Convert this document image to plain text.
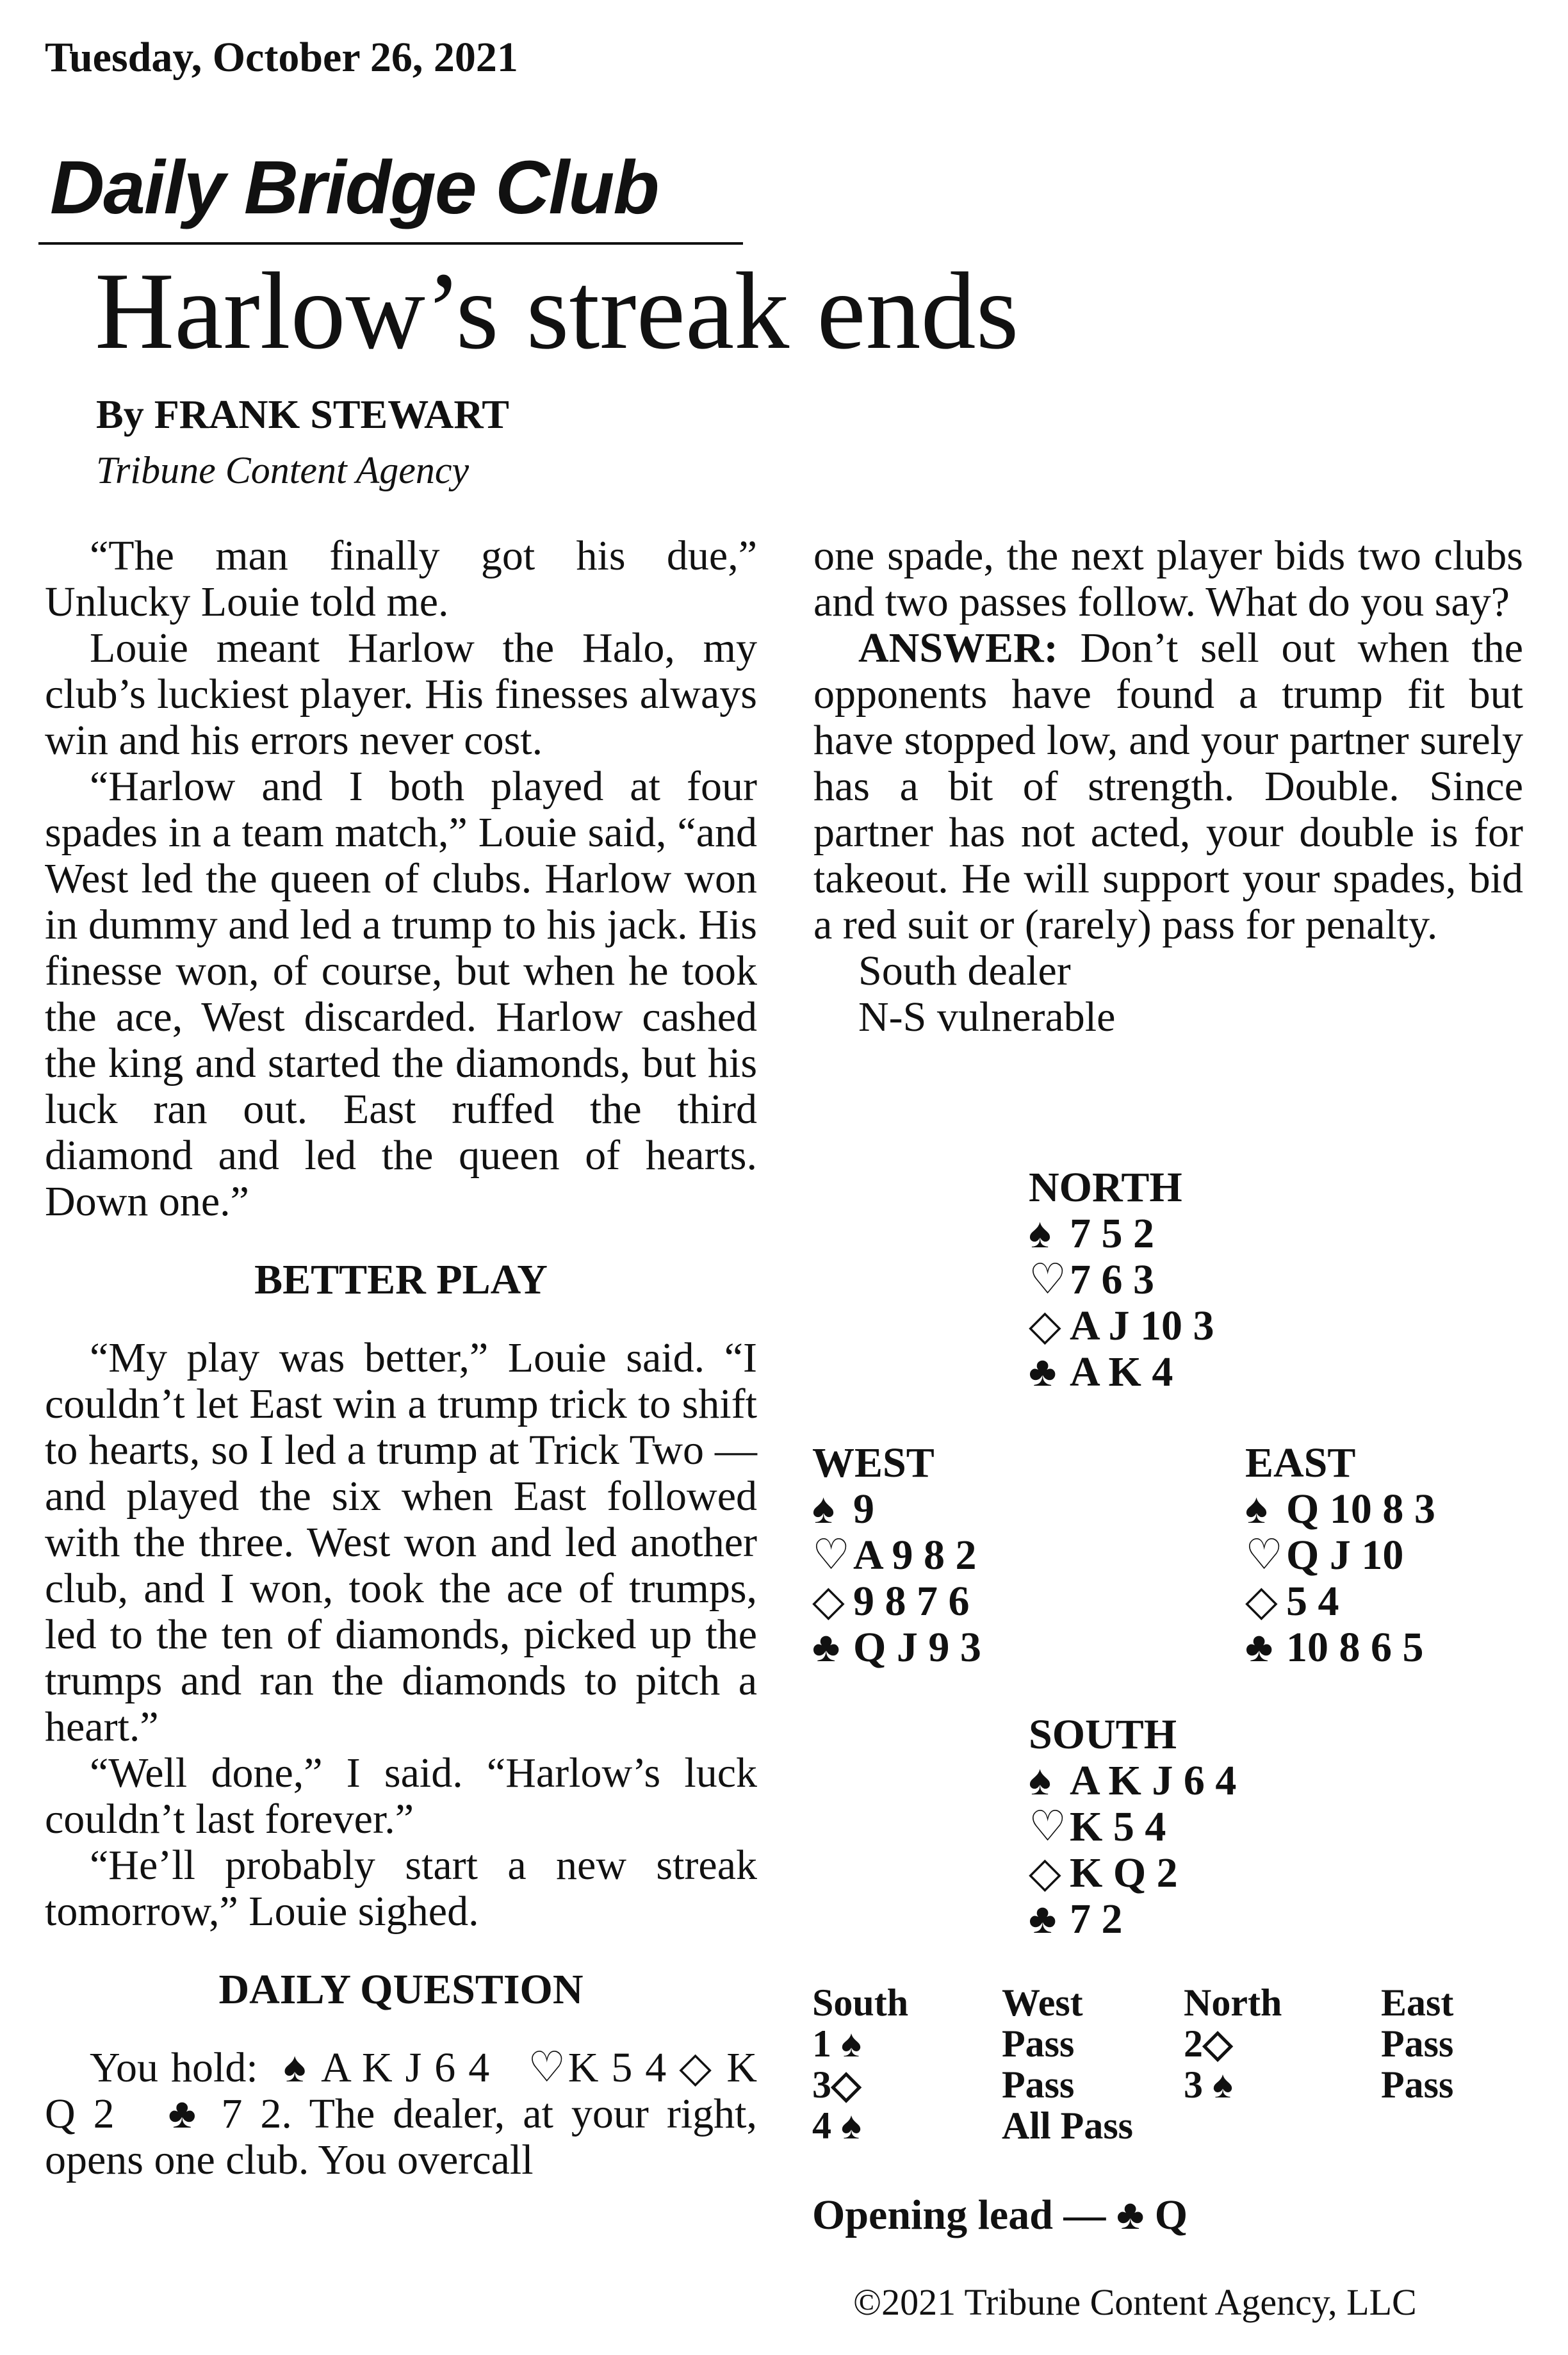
Tuesday, October 26, 2021
Daily Bridge Club
Harlow’s streak ends
By FRANK STEWART
Tribune Content Agency

“The man finally got his due,” Unlucky Louie told me.

Louie meant Harlow the Halo, my club’s luckiest player. His finesses always win and his errors never cost.

“Harlow and I both played at four spades in a team match,” Louie said, “and West led the queen of clubs. Harlow won in dummy and led a trump to his jack. His finesse won, of course, but when he took the ace, West discarded. Harlow cashed the king and started the diamonds, but his luck ran out. East ruffed the third diamond and led the queen of hearts. Down one.”

BETTER PLAY

“My play was better,” Louie said. “I couldn’t let East win a trump trick to shift to hearts, so I led a trump at Trick Two — and played the six when East followed with the three. West won and led another club, and I won, took the ace of trumps, led to the ten of diamonds, picked up the trumps and ran the diamonds to pitch a heart.”

“Well done,” I said. “Harlow’s luck couldn’t last forever.”

“He’ll probably start a new streak tomorrow,” Louie sighed.

DAILY QUESTION

You hold: ♠ A K J 6 4 ♡K 5 4 ◇ K Q 2 ♣ 7 2. The dealer, at your right, opens one club. You overcall

one spade, the next player bids two clubs and two passes follow. What do you say?

ANSWER: Don’t sell out when the opponents have found a trump fit but have stopped low, and your partner surely has a bit of strength. Double. Since partner has not acted, your double is for takeout. He will support your spades, bid a red suit or (rarely) pass for penalty.

South dealer
N-S vulnerable
NORTH
♠ 7 5 2
♡7 6 3
◇ A J 10 3
♣ A K 4
WEST
♠ 9
♡A 9 8 2
◇ 9 8 7 6
♣ Q J 9 3
EAST
♠ Q 10 8 3
♡Q J 10
◇ 5 4
♣ 10 8 6 5
SOUTH
♠ A K J 6 4
♡K 5 4
◇ K Q 2
♣ 7 2
South	West	North	East
1 ♠	Pass	2◇	Pass
3◇	Pass	3 ♠	Pass
4 ♠	All Pass
Opening lead — ♣ Q
©2021 Tribune Content Agency, LLC
